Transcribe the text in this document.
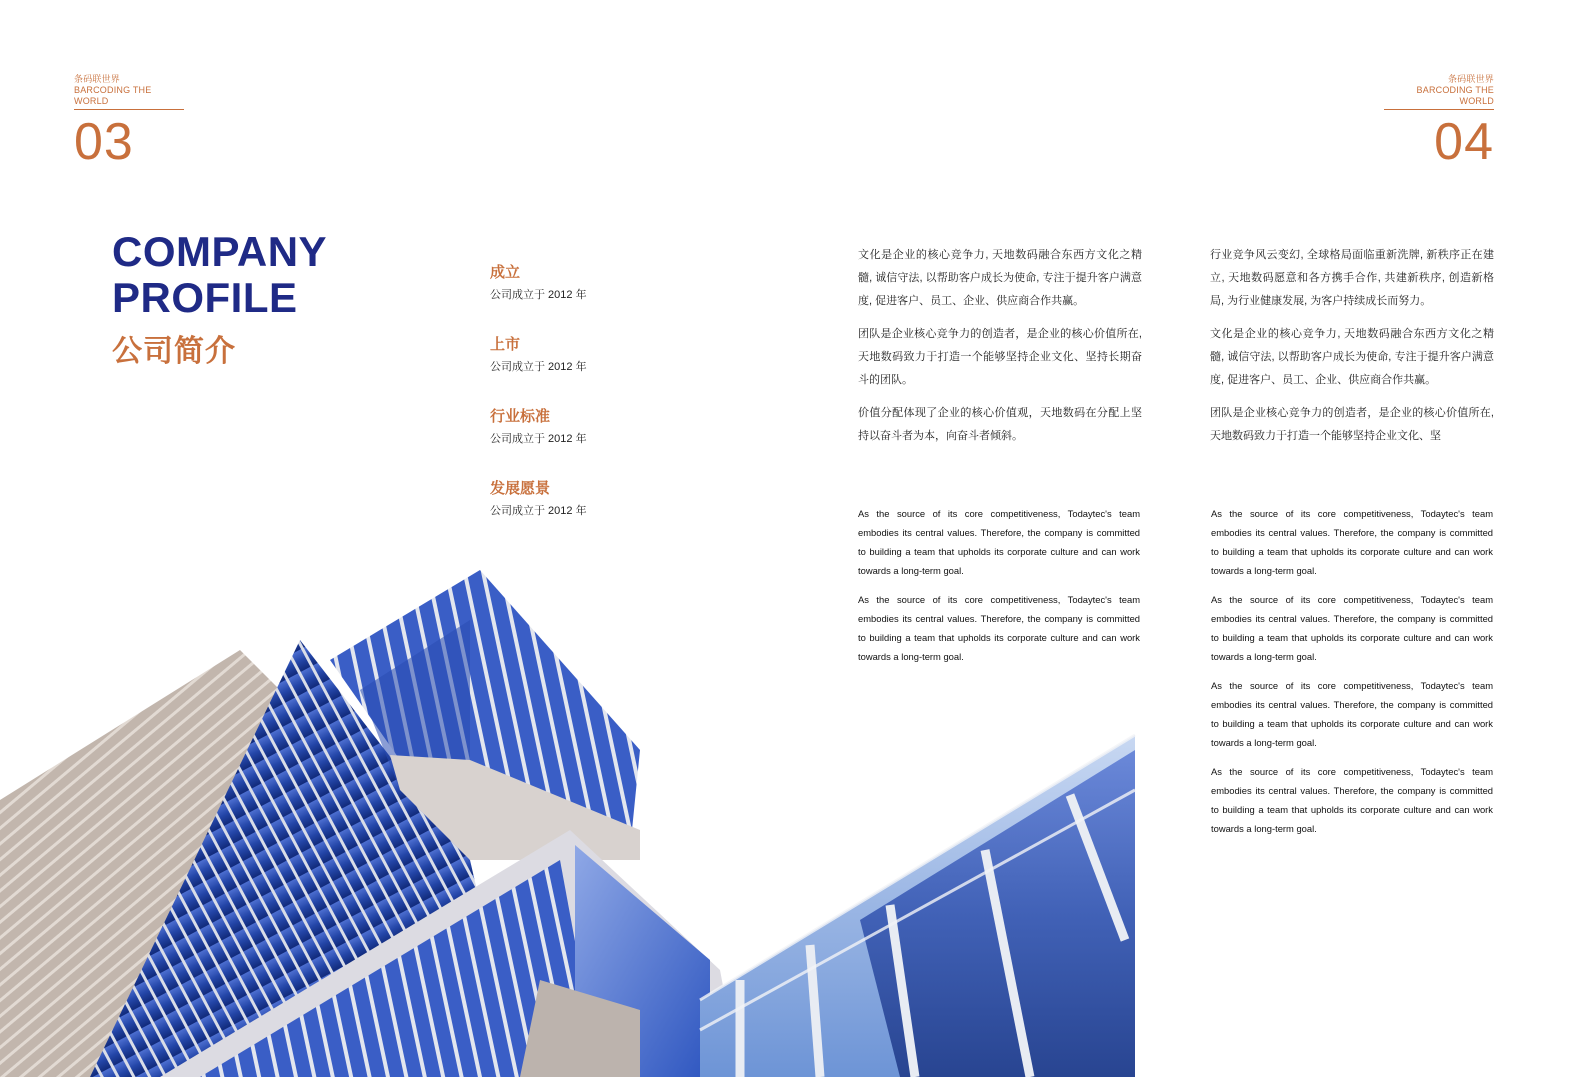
条码联世界
BARCODING THE
WORLD
03
COMPANY
PROFILE
公司简介
成立
公司成立于 2012 年
上市
公司成立于 2012 年
行业标准
公司成立于 2012 年
发展愿景
公司成立于 2012 年
条码联世界
BARCODING THE
WORLD
04

文化是企业的核心竞争力, 天地数码融合东西方文化之精髓, 诚信守法, 以帮助客户成长为使命, 专注于提升客户满意度, 促进客户、员工、企业、供应商合作共赢。

团队是企业核心竞争力的创造者，是企业的核心价值所在, 天地数码致力于打造一个能够坚持企业文化、坚持长期奋斗的团队。

价值分配体现了企业的核心价值观，天地数码在分配上坚持以奋斗者为本，向奋斗者倾斜。

行业竞争风云变幻, 全球格局面临重新洗牌, 新秩序正在建立, 天地数码愿意和各方携手合作, 共建新秩序, 创造新格局, 为行业健康发展, 为客户持续成长而努力。

文化是企业的核心竞争力, 天地数码融合东西方文化之精髓, 诚信守法, 以帮助客户成长为使命, 专注于提升客户满意度, 促进客户、员工、企业、供应商合作共赢。

团队是企业核心竞争力的创造者，是企业的核心价值所在, 天地数码致力于打造一个能够坚持企业文化、坚

As the source of its core competitiveness, Todaytec's team embodies its central values. Therefore, the company is committed to building a team that upholds its corporate culture and can work towards a long-term goal.

As the source of its core competitiveness, Todaytec's team embodies its central values. Therefore, the company is committed to building a team that upholds its corporate culture and can work towards a long-term goal.

As the source of its core competitiveness, Todaytec's team embodies its central values. Therefore, the company is committed to building a team that upholds its corporate culture and can work towards a long-term goal.

As the source of its core competitiveness, Todaytec's team embodies its central values. Therefore, the company is committed to building a team that upholds its corporate culture and can work towards a long-term goal.

As the source of its core competitiveness, Todaytec's team embodies its central values. Therefore, the company is committed to building a team that upholds its corporate culture and can work towards a long-term goal.

As the source of its core competitiveness, Todaytec's team embodies its central values. Therefore, the company is committed to building a team that upholds its corporate culture and can work towards a long-term goal.
